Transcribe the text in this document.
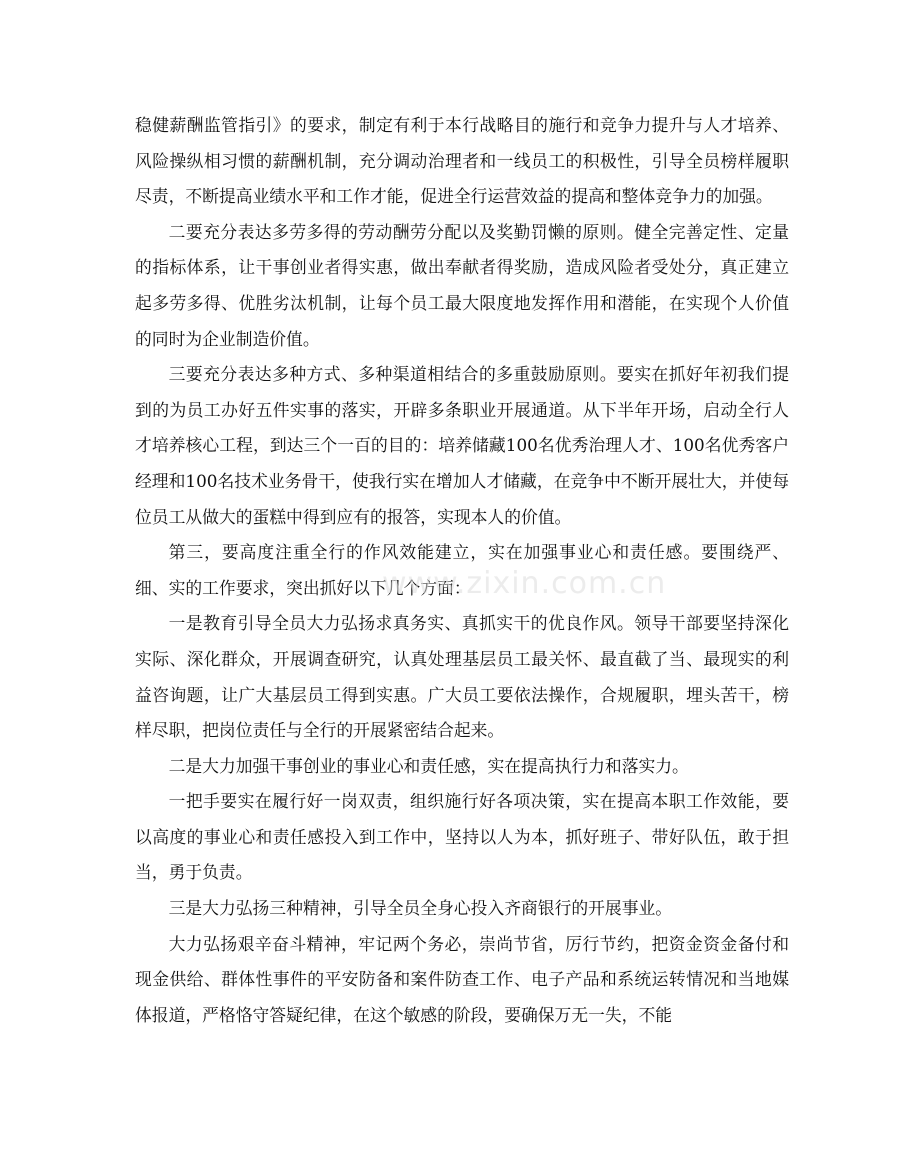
稳健薪酬监管指引》的要求，制定有利于本行战略目的施行和竞争力提升与人才培养、风险操纵相习惯的薪酬机制，充分调动治理者和一线员工的积极性，引导全员榜样履职尽责，不断提高业绩水平和工作才能，促进全行运营效益的提高和整体竞争力的加强。

二要充分表达多劳多得的劳动酬劳分配以及奖勤罚懒的原则。健全完善定性、定量的指标体系，让干事创业者得实惠，做出奉献者得奖励，造成风险者受处分，真正建立起多劳多得、优胜劣汰机制，让每个员工最大限度地发挥作用和潜能，在实现个人价值的同时为企业制造价值。

三要充分表达多种方式、多种渠道相结合的多重鼓励原则。要实在抓好年初我们提到的为员工办好五件实事的落实，开辟多条职业开展通道。从下半年开场，启动全行人才培养核心工程，到达三个一百的目的：培养储藏100名优秀治理人才、100名优秀客户经理和100名技术业务骨干，使我行实在增加人才储藏，在竞争中不断开展壮大，并使每位员工从做大的蛋糕中得到应有的报答，实现本人的价值。

第三，要高度注重全行的作风效能建立，实在加强事业心和责任感。要围绕严、细、实的工作要求，突出抓好以下几个方面：

一是教育引导全员大力弘扬求真务实、真抓实干的优良作风。领导干部要坚持深化实际、深化群众，开展调查研究，认真处理基层员工最关怀、最直截了当、最现实的利益咨询题，让广大基层员工得到实惠。广大员工要依法操作，合规履职，埋头苦干，榜样尽职，把岗位责任与全行的开展紧密结合起来。

二是大力加强干事创业的事业心和责任感，实在提高执行力和落实力。

一把手要实在履行好一岗双责，组织施行好各项决策，实在提高本职工作效能，要以高度的事业心和责任感投入到工作中，坚持以人为本，抓好班子、带好队伍，敢于担当，勇于负责。

三是大力弘扬三种精神，引导全员全身心投入齐商银行的开展事业。

大力弘扬艰辛奋斗精神，牢记两个务必，崇尚节省，厉行节约，把资金资金备付和现金供给、群体性事件的平安防备和案件防查工作、电子产品和系统运转情况和当地媒体报道，严格恪守答疑纪律，在这个敏感的阶段，要确保万无一失，不能

www.zixin.com.cn
